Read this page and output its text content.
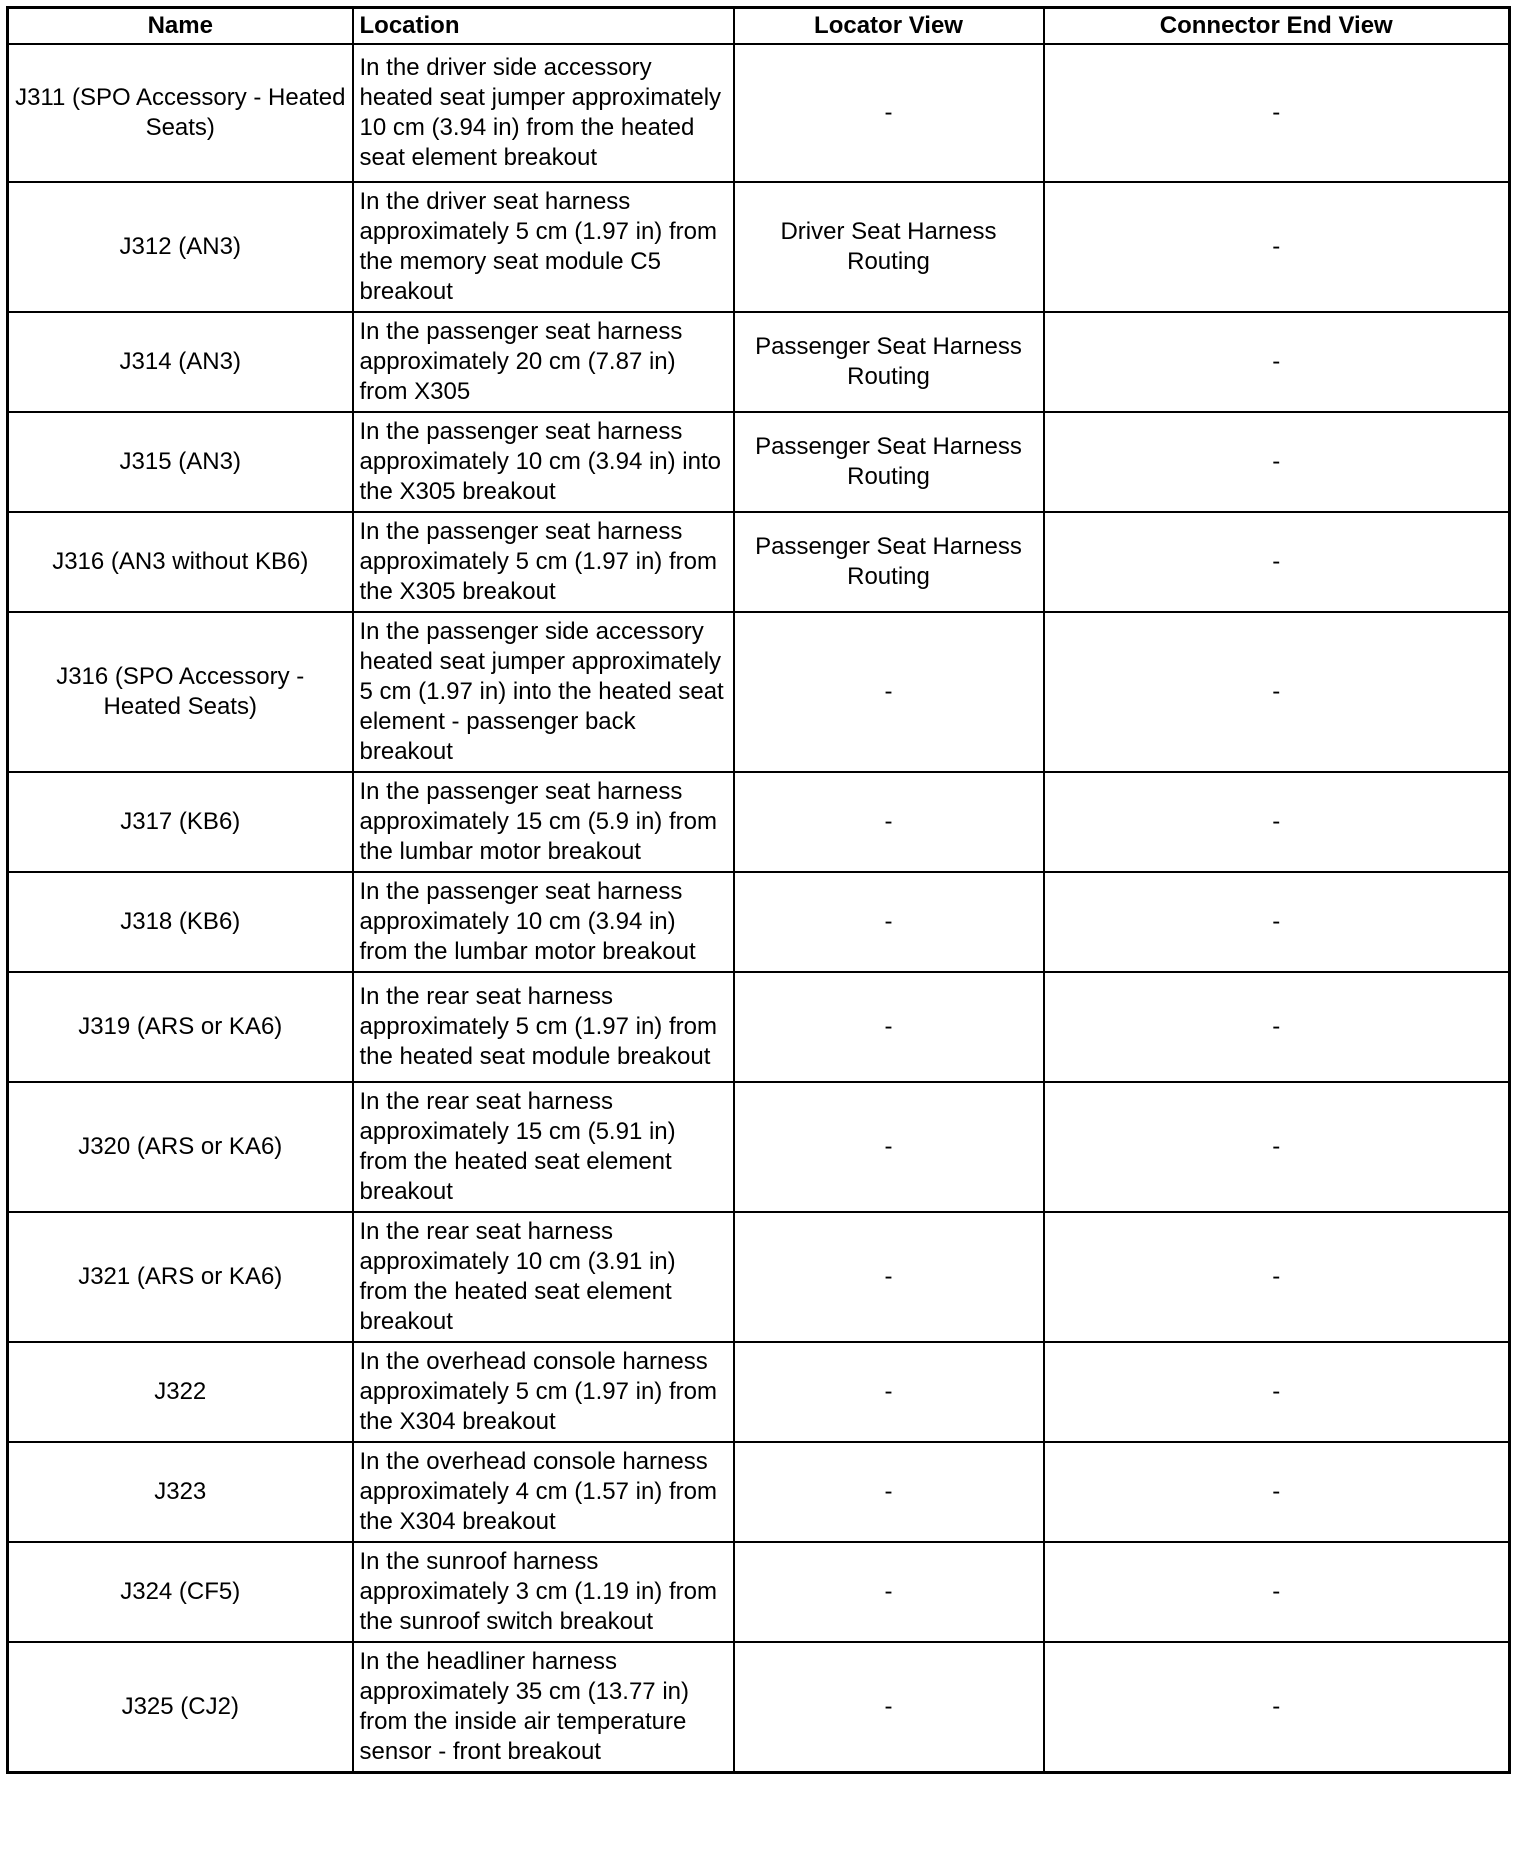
Name	Location	Locator View	Connector End View
J311 (SPO Accessory - Heated Seats)	In the driver side accessory heated seat jumper approximately 10 cm (3.94 in) from the heated seat element breakout	-	-
J312 (AN3)	In the driver seat harness approximately 5 cm (1.97 in) from the memory seat module C5 breakout	Driver Seat Harness Routing	-
J314 (AN3)	In the passenger seat harness approximately 20 cm (7.87 in) from X305	Passenger Seat Harness Routing	-
J315 (AN3)	In the passenger seat harness approximately 10 cm (3.94 in) into the X305 breakout	Passenger Seat Harness Routing	-
J316 (AN3 without KB6)	In the passenger seat harness approximately 5 cm (1.97 in) from the X305 breakout	Passenger Seat Harness Routing	-
J316 (SPO Accessory - Heated Seats)	In the passenger side accessory heated seat jumper approximately 5 cm (1.97 in) into the heated seat element - passenger back breakout	-	-
J317 (KB6)	In the passenger seat harness approximately 15 cm (5.9 in) from the lumbar motor breakout	-	-
J318 (KB6)	In the passenger seat harness approximately 10 cm (3.94 in) from the lumbar motor breakout	-	-
J319 (ARS or KA6)	In the rear seat harness approximately 5 cm (1.97 in) from the heated seat module breakout	-	-
J320 (ARS or KA6)	In the rear seat harness approximately 15 cm (5.91 in) from the heated seat element breakout	-	-
J321 (ARS or KA6)	In the rear seat harness approximately 10 cm (3.91 in) from the heated seat element breakout	-	-
J322	In the overhead console harness approximately 5 cm (1.97 in) from the X304 breakout	-	-
J323	In the overhead console harness approximately 4 cm (1.57 in) from the X304 breakout	-	-
J324 (CF5)	In the sunroof harness approximately 3 cm (1.19 in) from the sunroof switch breakout	-	-
J325 (CJ2)	In the headliner harness approximately 35 cm (13.77 in) from the inside air temperature sensor - front breakout	-	-
